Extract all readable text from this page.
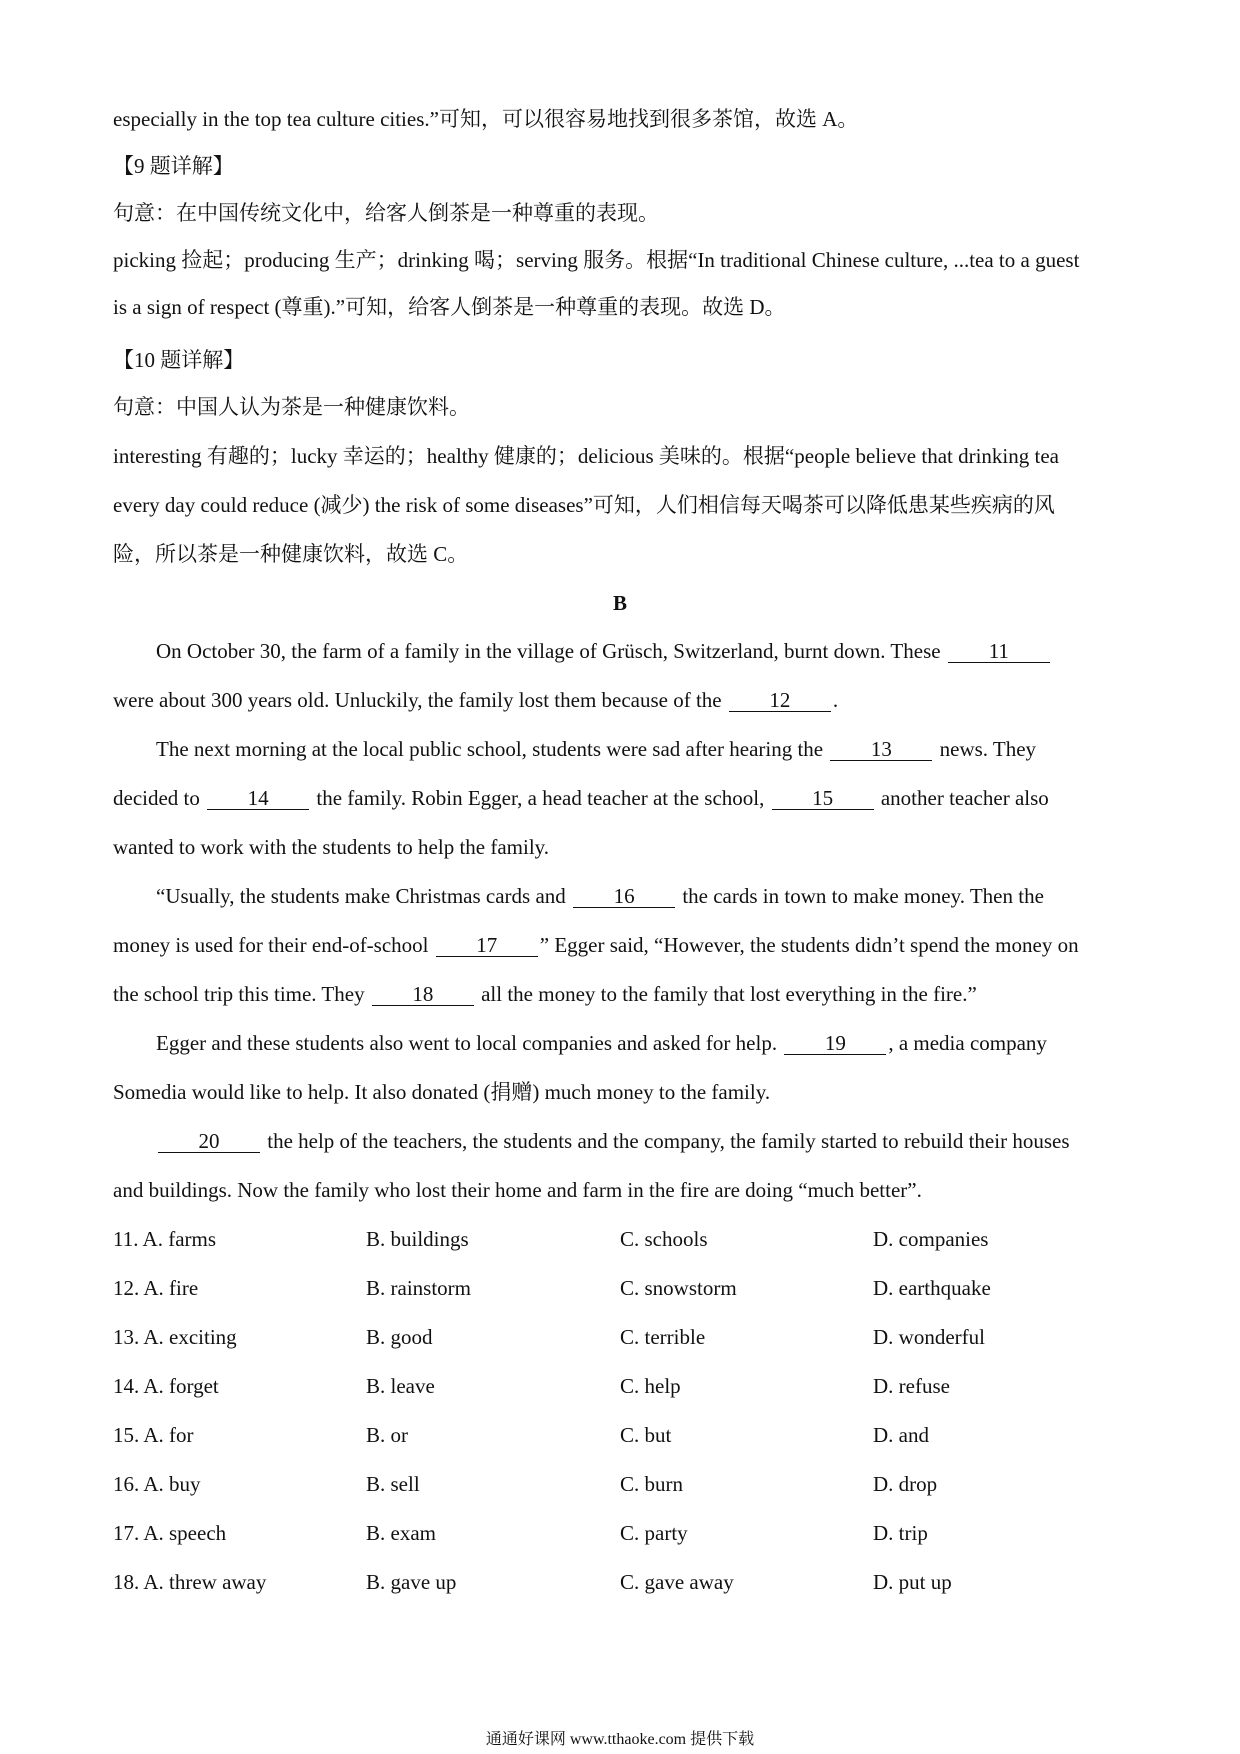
especially in the top tea culture cities.”可知，可以很容易地找到很多茶馆，故选 A。
【9 题详解】
句意：在中国传统文化中，给客人倒茶是一种尊重的表现。
picking 捡起；producing 生产；drinking 喝；serving 服务。根据“In traditional Chinese culture, ...tea to a guest
is a sign of respect (尊重).”可知，给客人倒茶是一种尊重的表现。故选 D。
【10 题详解】
句意：中国人认为茶是一种健康饮料。
interesting 有趣的；lucky 幸运的；healthy 健康的；delicious 美味的。根据“people believe that drinking tea
every day could reduce (减少) the risk of some diseases”可知，人们相信每天喝茶可以降低患某些疾病的风
险，所以茶是一种健康饮料，故选 C。
B
On October 30, the farm of a family in the village of Grüsch, Switzerland, burnt down. These 11
were about 300 years old. Unluckily, the family lost them because of the 12 .
The next morning at the local public school, students were sad after hearing the 13 news. They
decided to 14 the family. Robin Egger, a head teacher at the school, 15 another teacher also
wanted to work with the students to help the family.
“Usually, the students make Christmas cards and 16 the cards in town to make money. Then the
money is used for their end-of-school 17 ” Egger said, “However, the students didn’t spend the money on
the school trip this time. They 18 all the money to the family that lost everything in the fire.”
Egger and these students also went to local companies and asked for help. 19 , a media company
Somedia would like to help. It also donated (捐赠) much money to the family.
20 the help of the teachers, the students and the company, the family started to rebuild their houses
and buildings. Now the family who lost their home and farm in the fire are doing “much better”.
11. A. farms	B. buildings	C. schools	D. companies
12. A. fire	B. rainstorm	C. snowstorm	D. earthquake
13. A. exciting	B. good	C. terrible	D. wonderful
14. A. forget	B. leave	C. help	D. refuse
15. A. for	B. or	C. but	D. and
16. A. buy	B. sell	C. burn	D. drop
17. A. speech	B. exam	C. party	D. trip
18. A. threw away	B. gave up	C. gave away	D. put up
通通好课网 www.tthaoke.com 提供下载
